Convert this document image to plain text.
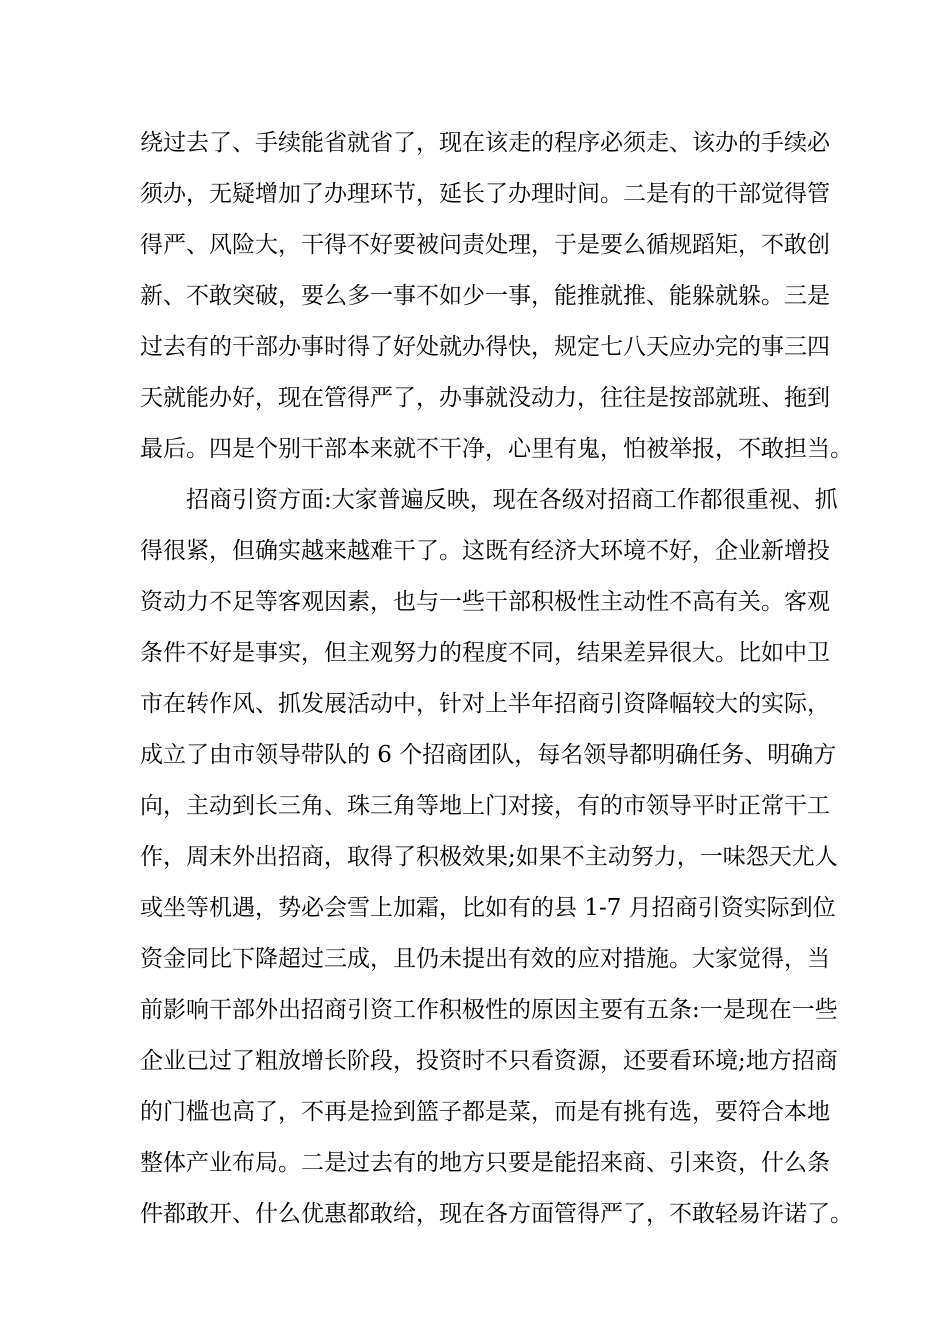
绕过去了、手续能省就省了，现在该走的程序必须走、该办的手续必
须办，无疑增加了办理环节，延长了办理时间。二是有的干部觉得管
得严、风险大，干得不好要被问责处理，于是要么循规蹈矩，不敢创
新、不敢突破，要么多一事不如少一事，能推就推、能躲就躲。三是
过去有的干部办事时得了好处就办得快，规定七八天应办完的事三四
天就能办好，现在管得严了，办事就没动力，往往是按部就班、拖到
最后。四是个别干部本来就不干净，心里有鬼，怕被举报，不敢担当。
招商引资方面:大家普遍反映，现在各级对招商工作都很重视、抓
得很紧，但确实越来越难干了。这既有经济大环境不好，企业新增投
资动力不足等客观因素，也与一些干部积极性主动性不高有关。客观
条件不好是事实，但主观努力的程度不同，结果差异很大。比如中卫
市在转作风、抓发展活动中，针对上半年招商引资降幅较大的实际，
成立了由市领导带队的 6 个招商团队，每名领导都明确任务、明确方
向，主动到长三角、珠三角等地上门对接，有的市领导平时正常干工
作，周末外出招商，取得了积极效果;如果不主动努力，一味怨天尤人
或坐等机遇，势必会雪上加霜，比如有的县 1-7 月招商引资实际到位
资金同比下降超过三成，且仍未提出有效的应对措施。大家觉得，当
前影响干部外出招商引资工作积极性的原因主要有五条:一是现在一些
企业已过了粗放增长阶段，投资时不只看资源，还要看环境;地方招商
的门槛也高了，不再是捡到篮子都是菜，而是有挑有选，要符合本地
整体产业布局。二是过去有的地方只要是能招来商、引来资，什么条
件都敢开、什么优惠都敢给，现在各方面管得严了，不敢轻易许诺了。
